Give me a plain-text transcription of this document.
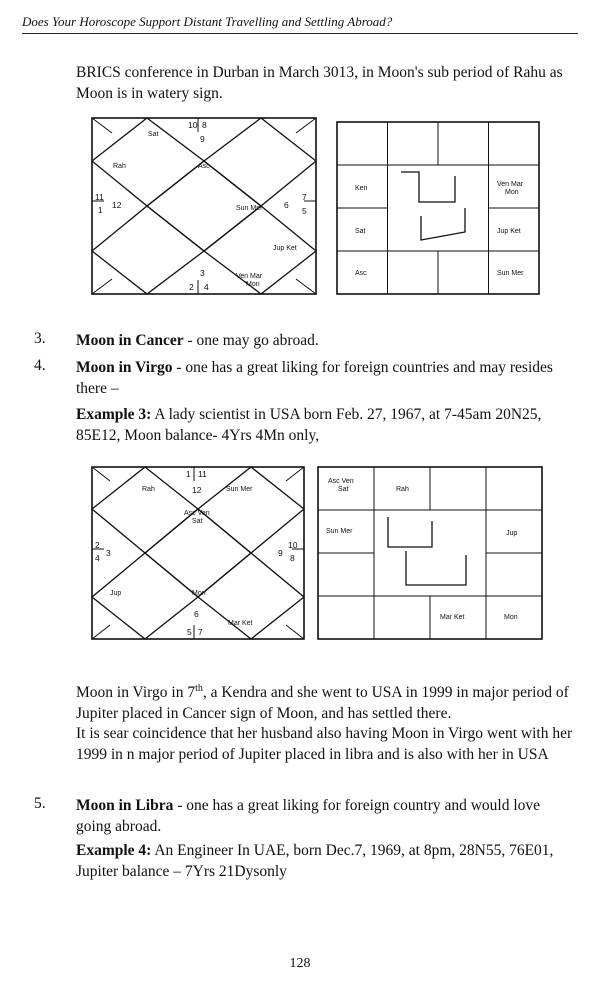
Does Your Horoscope Support Distant Travelling and Settling Abroad?
BRICS conference in Durban in March 3013, in Moon's sub period of Rahu as Moon is in watery sign.
10 8
9
11
1 12
7
5
6
3
2 4
Sat
Rah	Asc
Sun Mer
Jup Ket
Ven Mar
Mon
Ken
Sat
Asc
Ven Mar
Mon
Jup Ket
Sun Mer
3. Moon in Cancer - one may go abroad.
4. Moon in Virgo - one has a great liking for foreign countries and may resides there –
Example 3: A lady scientist in USA born Feb. 27, 1967, at 7-45am 20N25, 85E12, Moon balance- 4Yrs 4Mn only,
1 11
12
2
4 3
10
8
9
6
5 7
Rah	Sun Mer
Asc Ven
Sat
Jup	Mon
Mar Ket
Asc Ven
Sat	Rah
Sun Mer	Jup
Mar Ket	Mon
Moon in Virgo in 7th, a Kendra and she went to USA in 1999 in major period of Jupiter placed in Cancer sign of Moon, and has settled there.
It is sear coincidence that her husband also having Moon in Virgo went with her 1999 in n major period of Jupiter placed in libra and is also with her in USA
5. Moon in Libra - one has a great liking for foreign country and would love going abroad.
Example 4: An Engineer In UAE, born Dec.7, 1969, at 8pm, 28N55, 76E01, Jupiter balance – 7Yrs 21Dysonly
128
